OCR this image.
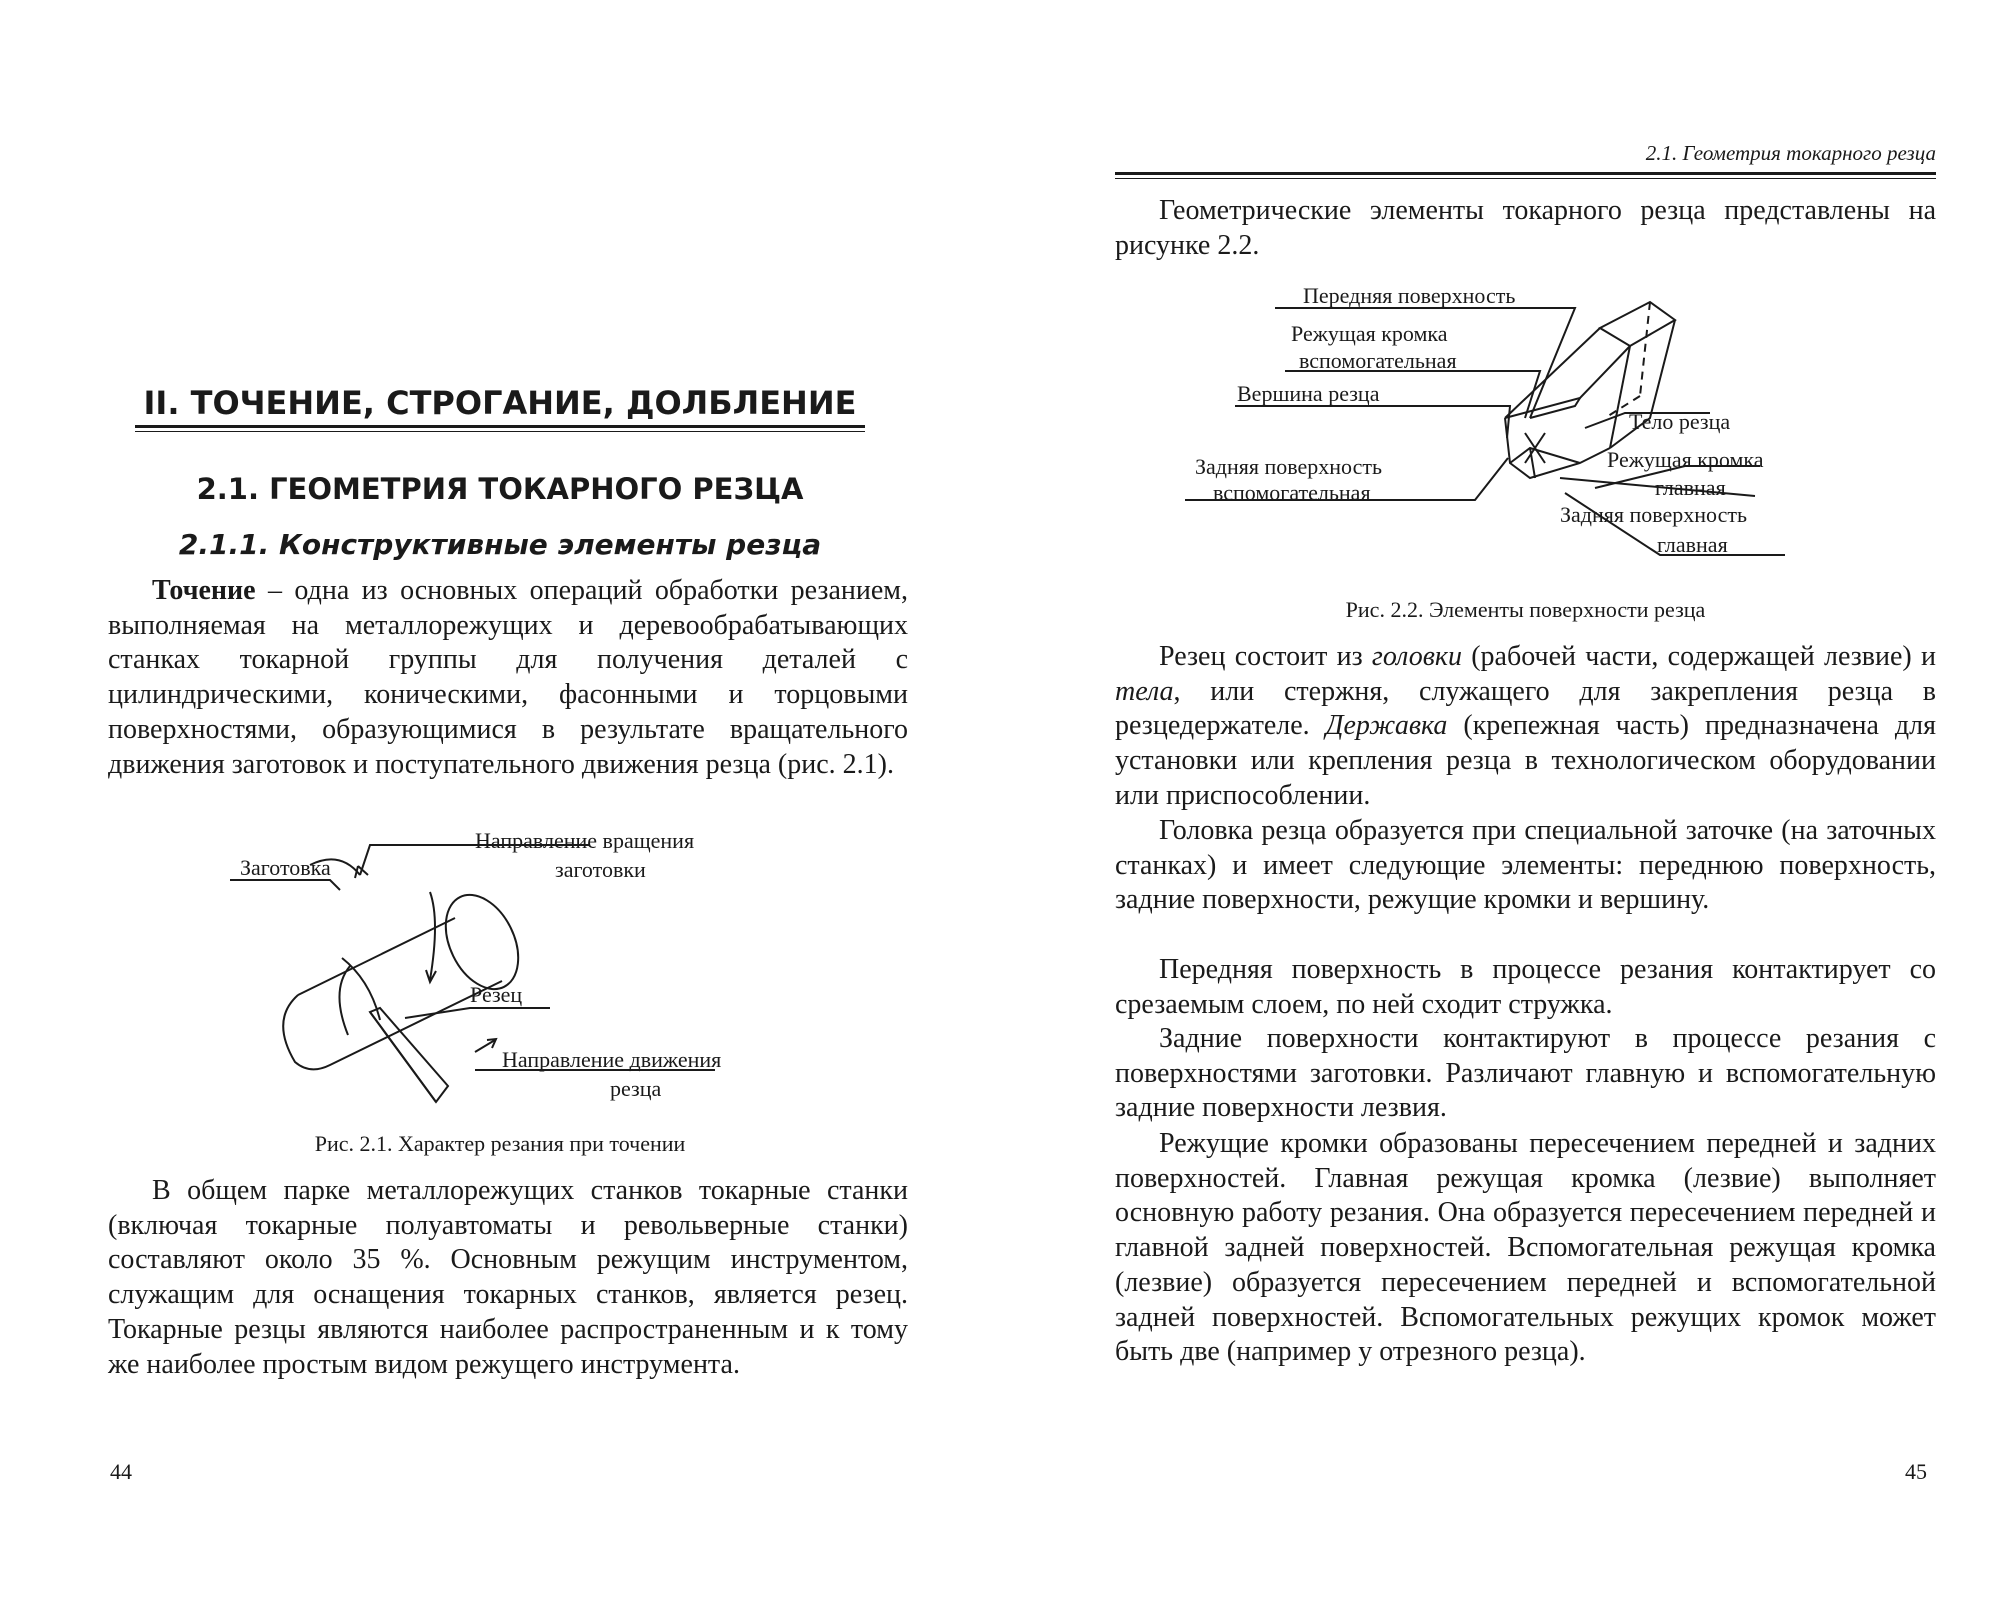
II. ТОЧЕНИЕ, СТРОГАНИЕ, ДОЛБЛЕНИЕ
2.1. ГЕОМЕТРИЯ ТОКАРНОГО РЕЗЦА
2.1.1. Конструктивные элементы резца

Точение – одна из основных операций обработки резанием, выполняемая на металлорежущих и деревообрабатывающих станках токарной группы для получения деталей с цилиндрическими, коническими, фасонными и торцовыми поверхностями, образующимися в результате вращательного движения заготовок и поступательного движения резца (рис. 2.1).

Заготовка
Направление вращения
заготовки
Резец
Направление движения
резца
Рис. 2.1. Характер резания при точении

В общем парке металлорежущих станков токарные станки (включая токарные полуавтоматы и револьверные станки) составляют около 35 %. Основным режущим инструментом, служащим для оснащения токарных станков, является резец. Токарные резцы являются наиболее распространенным и к тому же наиболее простым видом режущего инструмента.

44
2.1. Геометрия токарного резца

Геометрические элементы токарного резца представлены на рисунке 2.2.

Передняя поверхность
Режущая кромка
вспомогательная
Вершина резца
Тело резца
Задняя поверхность
вспомогательная
Режущая кромка
главная
Задняя поверхность
главная
Рис. 2.2. Элементы поверхности резца

Резец состоит из головки (рабочей части, содержащей лезвие) и тела, или стержня, служащего для закрепления резца в резцедержателе. Державка (крепежная часть) предназначена для установки или крепления резца в технологическом оборудовании или приспособлении.

Головка резца образуется при специальной заточке (на заточных станках) и имеет следующие элементы: переднюю поверхность, задние поверхности, режущие кромки и вершину.

Передняя поверхность в процессе резания контактирует со срезаемым слоем, по ней сходит стружка.

Задние поверхности контактируют в процессе резания с поверхностями заготовки. Различают главную и вспомогательную задние поверхности лезвия.

Режущие кромки образованы пересечением передней и задних поверхностей. Главная режущая кромка (лезвие) выполняет основную работу резания. Она образуется пересечением передней и главной задней поверхностей. Вспомогательная режущая кромка (лезвие) образуется пересечением передней и вспомогательной задней поверхностей. Вспомогательных режущих кромок может быть две (например у отрезного резца).

45
